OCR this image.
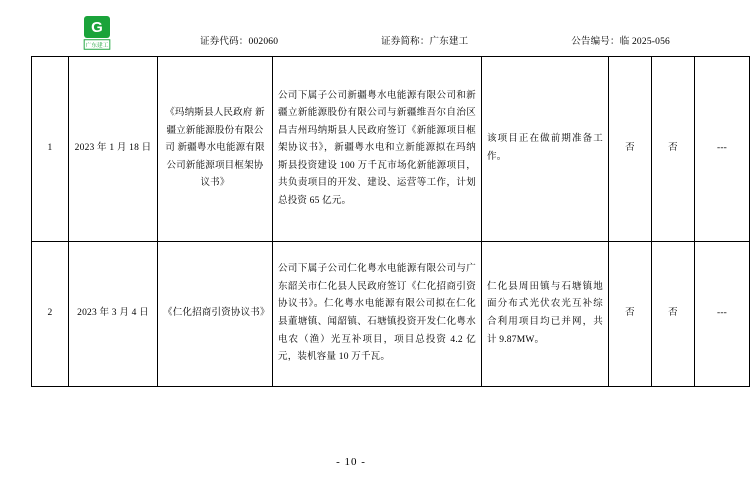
G
广东建工	证券代码：002060	证券简称：广东建工	公告编号：临 2025-056
1	2023 年 1 月 18 日	《玛纳斯县人民政府 新疆立新能源股份有限公司 新疆粤水电能源有限公司新能源项目框架协议书》	公司下属子公司新疆粤水电能源有限公司和新疆立新能源股份有限公司与新疆维吾尔自治区昌吉州玛纳斯县人民政府签订《新能源项目框架协议书》，新疆粤水电和立新能源拟在玛纳斯县投资建设 100 万千瓦市场化新能源项目，共负责项目的开发、建设、运营等工作，计划总投资 65 亿元。	该项目正在做前期准备工作。	否	否	---
2	2023 年 3 月 4 日	《仁化招商引资协议书》	公司下属子公司仁化粤水电能源有限公司与广东韶关市仁化县人民政府签订《仁化招商引资协议书》。仁化粤水电能源有限公司拟在仁化县董塘镇、闻韶镇、石塘镇投资开发仁化粤水电农（渔）光互补项目，项目总投资 4.2 亿元，装机容量 10 万千瓦。	仁化县周田镇与石塘镇地面分布式光伏农光互补综合利用项目均已并网，共计 9.87MW。	否	否	---
- 10 -
